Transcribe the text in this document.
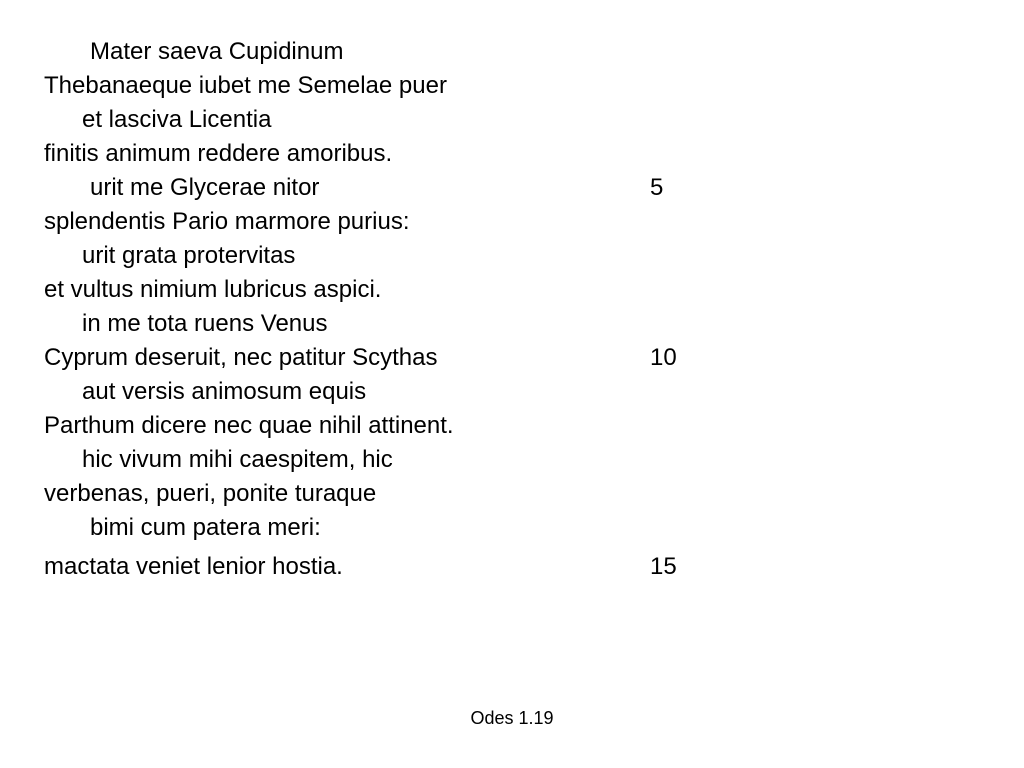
Mater saeva Cupidinum
Thebanaeque iubet me Semelae puer
et lasciva Licentia
finitis animum reddere amoribus.
urit me Glycerae nitor	5
splendentis Pario marmore purius:
urit grata protervitas
et vultus nimium lubricus aspici.
in me tota ruens Venus
Cyprum deseruit, nec patitur Scythas	10
aut versis animosum equis
Parthum dicere nec quae nihil attinent.
hic vivum mihi caespitem, hic
verbenas, pueri, ponite turaque
bimi cum patera meri:
mactata veniet lenior hostia.	15
Odes 1.19
